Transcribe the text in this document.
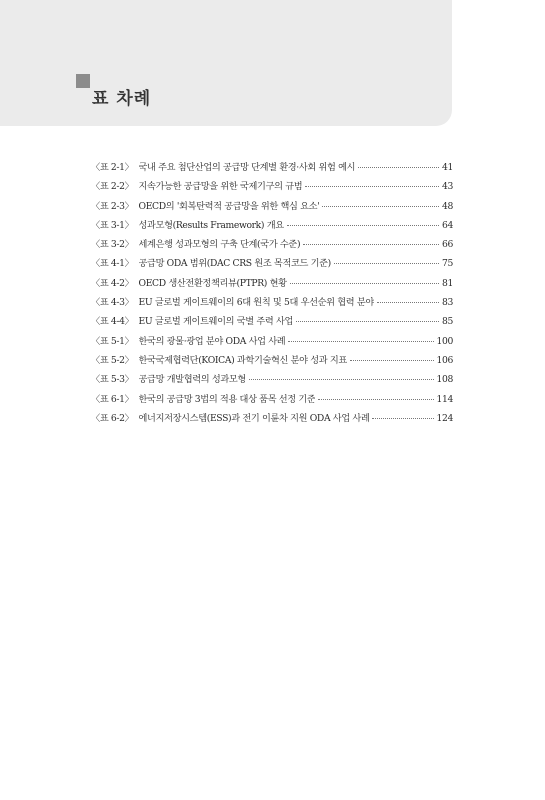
표 차례
〈표 2-1〉 국내 주요 첨단산업의 공급망 단계별 환경·사회 위험 예시	41
〈표 2-2〉 지속가능한 공급망을 위한 국제기구의 규범	43
〈표 2-3〉 OECD의 '회복탄력적 공급망을 위한 핵심 요소'	48
〈표 3-1〉 성과모형(Results Framework) 개요	64
〈표 3-2〉 세계은행 성과모형의 구축 단계(국가 수준)	66
〈표 4-1〉 공급망 ODA 범위(DAC CRS 원조 목적코드 기준)	75
〈표 4-2〉 OECD 생산전환정책리뷰(PTPR) 현황	81
〈표 4-3〉 EU 글로벌 게이트웨이의 6대 원칙 및 5대 우선순위 협력 분야	83
〈표 4-4〉 EU 글로벌 게이트웨이의 국별 주력 사업	85
〈표 5-1〉 한국의 광물·광업 분야 ODA 사업 사례	100
〈표 5-2〉 한국국제협력단(KOICA) 과학기술혁신 분야 성과 지표	106
〈표 5-3〉 공급망 개발협력의 성과모형	108
〈표 6-1〉 한국의 공급망 3법의 적용 대상 품목 선정 기준	114
〈표 6-2〉 에너지저장시스템(ESS)과 전기 이륜차 지원 ODA 사업 사례	124
